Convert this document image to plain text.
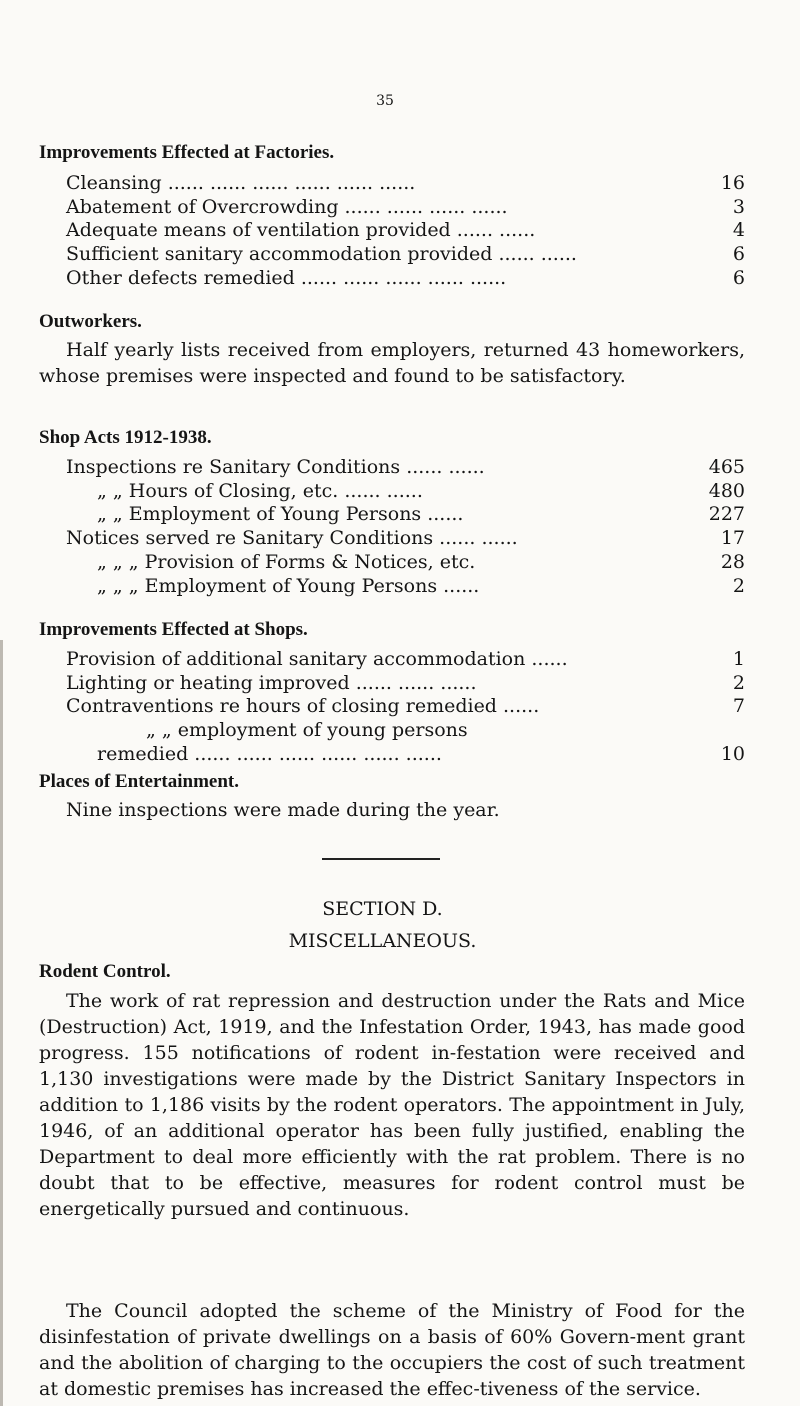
35
Improvements Effected at Factories.
Cleansing ...... ...... ...... ...... ...... ......	16
Abatement of Overcrowding ...... ...... ...... ......	3
Adequate means of ventilation provided ...... ......	4
Sufficient sanitary accommodation provided ...... ......	6
Other defects remedied ...... ...... ...... ...... ......	6
Outworkers.

Half yearly lists received from employers, returned 43 homeworkers, whose premises were inspected and found to be satisfactory.

Shop Acts 1912-1938.
Inspections re Sanitary Conditions ...... ......	465
„ „ Hours of Closing, etc. ...... ......	480
„ „ Employment of Young Persons ......	227
Notices served re Sanitary Conditions ...... ......	17
„ „ „ Provision of Forms & Notices, etc.	28
„ „ „ Employment of Young Persons ......	2
Improvements Effected at Shops.
Provision of additional sanitary accommodation ......	1
Lighting or heating improved ...... ...... ......	2
Contraventions re hours of closing remedied ......	7
„ „ employment of young persons
remedied ...... ...... ...... ...... ...... ......	10
Places of Entertainment.

Nine inspections were made during the year.

SECTION D.
MISCELLANEOUS.
Rodent Control.

The work of rat repression and destruction under the Rats and Mice (Destruction) Act, 1919, and the Infestation Order, 1943, has made good progress. 155 notifications of rodent in-festation were received and 1,130 investigations were made by the District Sanitary Inspectors in addition to 1,186 visits by the rodent operators. The appointment in July, 1946, of an additional operator has been fully justified, enabling the Department to deal more efficiently with the rat problem. There is no doubt that to be effective, measures for rodent control must be energetically pursued and continuous.

The Council adopted the scheme of the Ministry of Food for the disinfestation of private dwellings on a basis of 60% Govern-ment grant and the abolition of charging to the occupiers the cost of such treatment at domestic premises has increased the effec-tiveness of the service.
